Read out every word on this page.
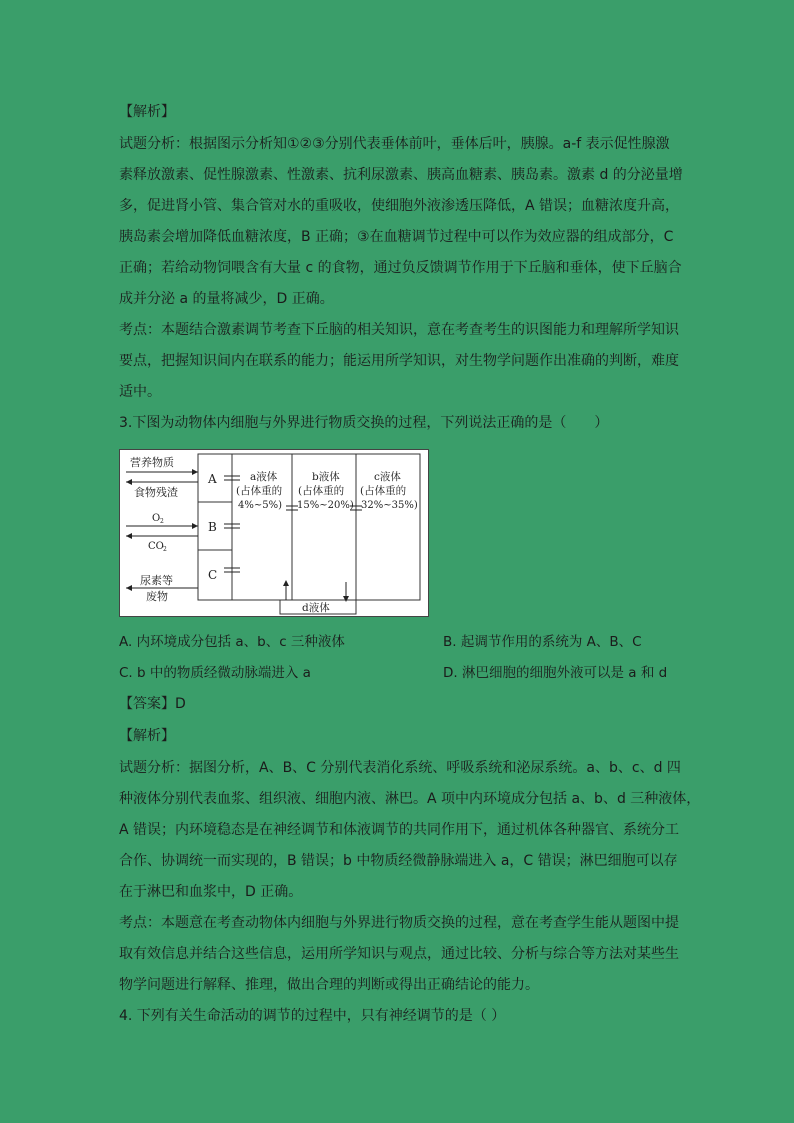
【解析】
试题分析：根据图示分析知①②③分别代表垂体前叶，垂体后叶，胰腺。a-f 表示促性腺激
素释放激素、促性腺激素、性激素、抗利尿激素、胰高血糖素、胰岛素。激素 d 的分泌量增
多，促进肾小管、集合管对水的重吸收，使细胞外液渗透压降低，A 错误；血糖浓度升高，
胰岛素会增加降低血糖浓度，B 正确；③在血糖调节过程中可以作为效应器的组成部分，C
正确；若给动物饲喂含有大量 c 的食物，通过负反馈调节作用于下丘脑和垂体，使下丘脑合
成并分泌 a 的量将减少，D 正确。
考点：本题结合激素调节考查下丘脑的相关知识，意在考查考生的识图能力和理解所学知识
要点，把握知识间内在联系的能力；能运用所学知识，对生物学问题作出准确的判断，难度
适中。
3.下图为动物体内细胞与外界进行物质交换的过程，下列说法正确的是（　　）
营养物质
食物残渣
O 2
CO 2
尿素等
废物
A
B
C
a液体
(占体重的
4%~5%)
b液体
(占体重的
15%~20%)
c液体
(占体重的
32%~35%)
d液体
A. 内环境成分包括 a、b、c 三种液体	B. 起调节作用的系统为 A、B、C
C. b 中的物质经微动脉端进入 a	D. 淋巴细胞的细胞外液可以是 a 和 d
【答案】D
【解析】
试题分析：据图分析，A、B、C 分别代表消化系统、呼吸系统和泌尿系统。a、b、c、d 四
种液体分别代表血浆、组织液、细胞内液、淋巴。A 项中内环境成分包括 a、b、d 三种液体，
A 错误；内环境稳态是在神经调节和体液调节的共同作用下，通过机体各种器官、系统分工
合作、协调统一而实现的，B 错误；b 中物质经微静脉端进入 a，C 错误；淋巴细胞可以存
在于淋巴和血浆中，D 正确。
考点：本题意在考查动物体内细胞与外界进行物质交换的过程，意在考查学生能从题图中提
取有效信息并结合这些信息，运用所学知识与观点，通过比较、分析与综合等方法对某些生
物学问题进行解释、推理，做出合理的判断或得出正确结论的能力。
4. 下列有关生命活动的调节的过程中，只有神经调节的是（ ）
